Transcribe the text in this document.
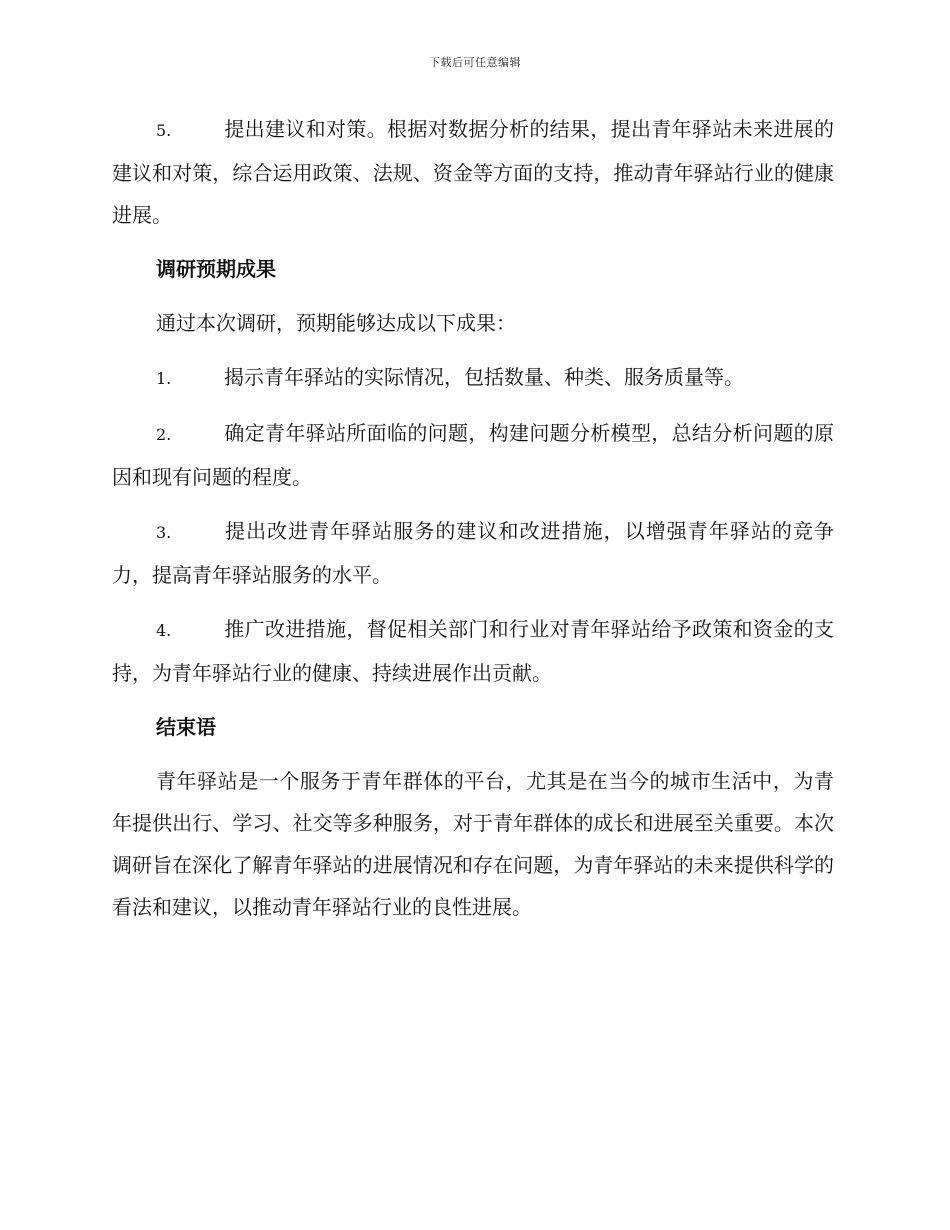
下载后可任意编辑

5.	提出建议和对策。根据对数据分析的结果，提出青年驿站未来进展的建议和对策，综合运用政策、法规、资金等方面的支持，推动青年驿站行业的健康进展。

调研预期成果

通过本次调研，预期能够达成以下成果：

1.	揭示青年驿站的实际情况，包括数量、种类、服务质量等。

2.	确定青年驿站所面临的问题，构建问题分析模型，总结分析问题的原因和现有问题的程度。

3.	提出改进青年驿站服务的建议和改进措施，以增强青年驿站的竞争力，提高青年驿站服务的水平。

4.	推广改进措施，督促相关部门和行业对青年驿站给予政策和资金的支持，为青年驿站行业的健康、持续进展作出贡献。

结束语

青年驿站是一个服务于青年群体的平台，尤其是在当今的城市生活中，为青年提供出行、学习、社交等多种服务，对于青年群体的成长和进展至关重要。本次调研旨在深化了解青年驿站的进展情况和存在问题，为青年驿站的未来提供科学的看法和建议，以推动青年驿站行业的良性进展。
